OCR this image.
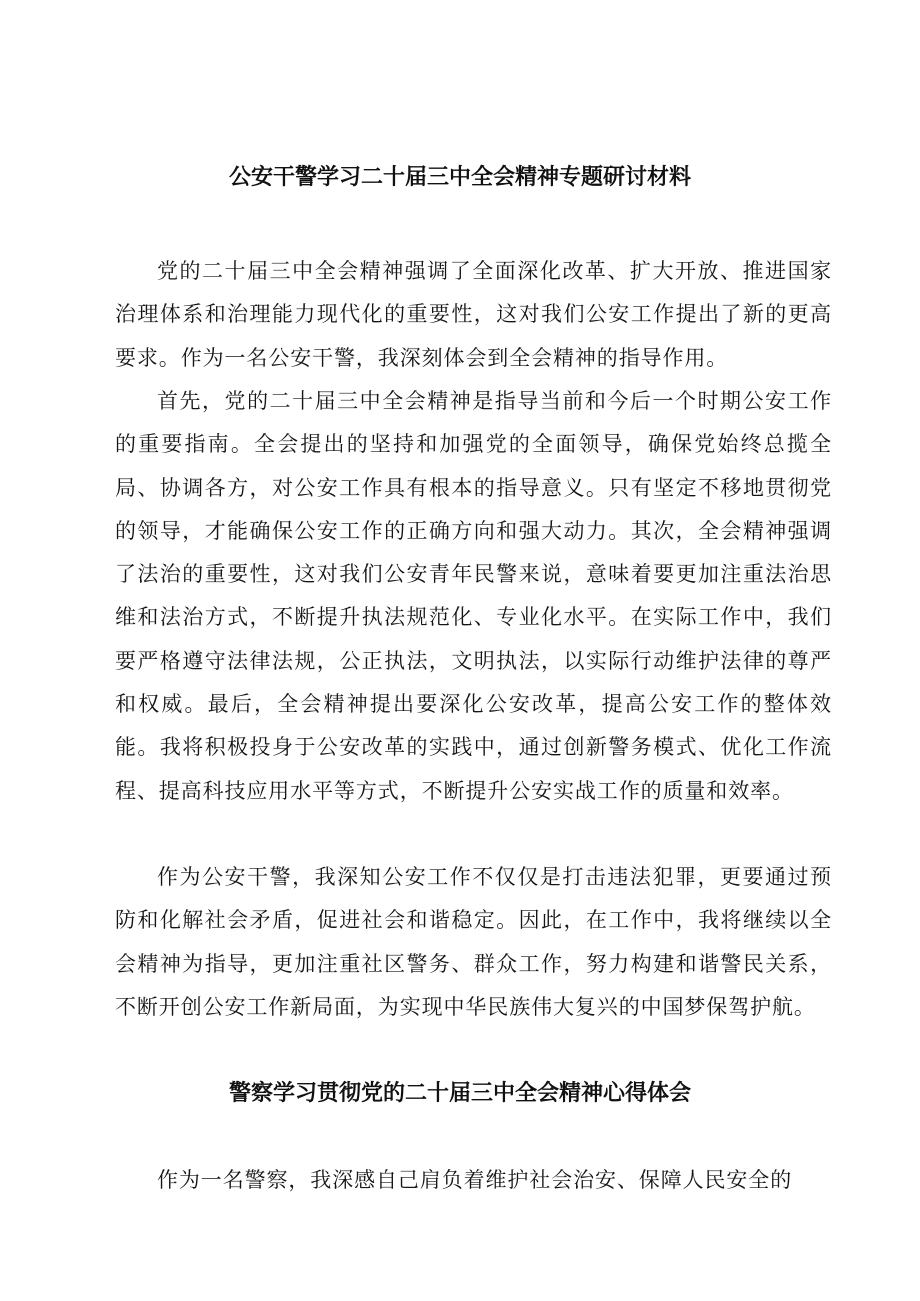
公安干警学习二十届三中全会精神专题研讨材料

党的二十届三中全会精神强调了全面深化改革、扩大开放、推进国家治理体系和治理能力现代化的重要性，这对我们公安工作提出了新的更高要求。作为一名公安干警，我深刻体会到全会精神的指导作用。

首先，党的二十届三中全会精神是指导当前和今后一个时期公安工作的重要指南。全会提出的坚持和加强党的全面领导，确保党始终总揽全局、协调各方，对公安工作具有根本的指导意义。只有坚定不移地贯彻党的领导，才能确保公安工作的正确方向和强大动力。其次，全会精神强调了法治的重要性，这对我们公安青年民警来说，意味着要更加注重法治思维和法治方式，不断提升执法规范化、专业化水平。在实际工作中，我们要严格遵守法律法规，公正执法，文明执法，以实际行动维护法律的尊严和权威。最后，全会精神提出要深化公安改革，提高公安工作的整体效能。我将积极投身于公安改革的实践中，通过创新警务模式、优化工作流程、提高科技应用水平等方式，不断提升公安实战工作的质量和效率。

作为公安干警，我深知公安工作不仅仅是打击违法犯罪，更要通过预防和化解社会矛盾，促进社会和谐稳定。因此，在工作中，我将继续以全会精神为指导，更加注重社区警务、群众工作，努力构建和谐警民关系，不断开创公安工作新局面，为实现中华民族伟大复兴的中国梦保驾护航。

警察学习贯彻党的二十届三中全会精神心得体会

作为一名警察，我深感自己肩负着维护社会治安、保障人民安全的
